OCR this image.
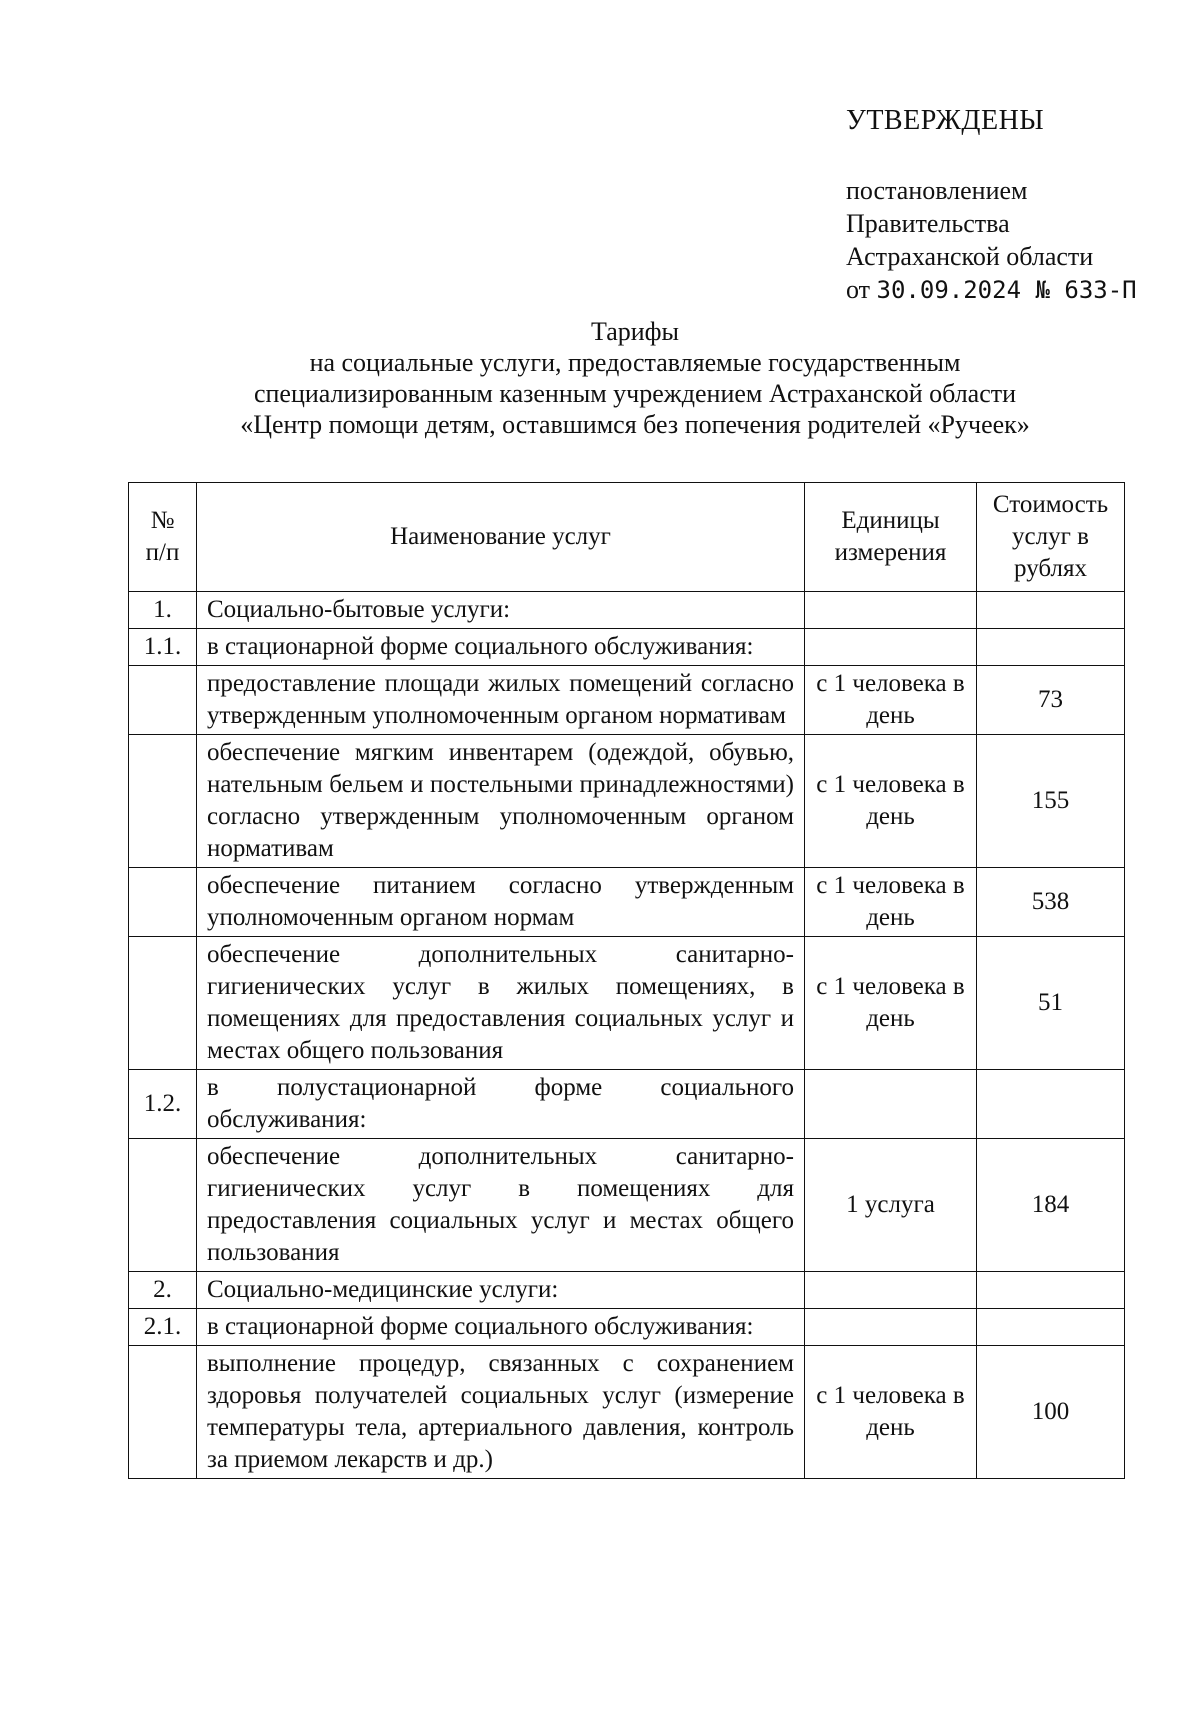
УТВЕРЖДЕНЫ

постановлением

Правительства

Астраханской области

от 30.09.2024 № 633-П

Тарифы
на социальные услуги, предоставляемые государственным
специализированным казенным учреждением Астраханской области
«Центр помощи детям, оставшимся без попечения родителей «Ручеек»
№ п/п	Наименование услуг	Единицы измерения	Стоимость услуг в рублях
1.	Социально-бытовые услуги:		
1.1.	в стационарной форме социального обслуживания:		
	предоставление площади жилых помещений согласно утвержденным уполномоченным органом нормативам	с 1 человека в день	73
	обеспечение мягким инвентарем (одеждой, обувью, нательным бельем и постельными принадлежностями) согласно утвержденным уполномоченным органом нормативам	с 1 человека в день	155
	обеспечение питанием согласно утвержденным уполномоченным органом нормам	с 1 человека в день	538
	обеспечение дополнительных санитарно-гигиенических услуг в жилых помещениях, в помещениях для предоставления социальных услуг и местах общего пользования	с 1 человека в день	51
1.2.	в полустационарной форме социального обслуживания:		
	обеспечение дополнительных санитарно-гигиенических услуг в помещениях для предоставления социальных услуг и местах общего пользования	1 услуга	184
2.	Социально-медицинские услуги:		
2.1.	в стационарной форме социального обслуживания:		
	выполнение процедур, связанных с сохранением здоровья получателей социальных услуг (измерение температуры тела, артериального давления, контроль за приемом лекарств и др.)	с 1 человека в день	100
